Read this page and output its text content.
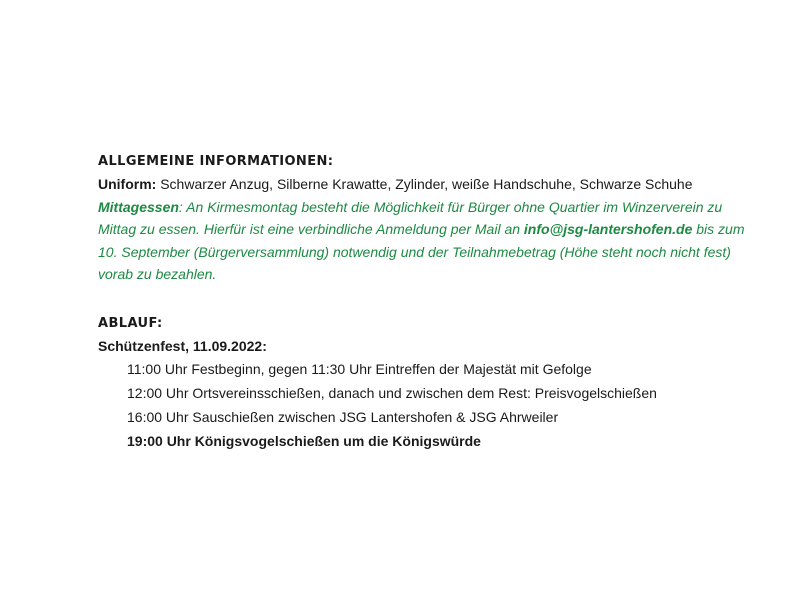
ALLGEMEINE INFORMATIONEN:
Uniform: Schwarzer Anzug, Silberne Krawatte, Zylinder, weiße Handschuhe, Schwarze Schuhe
Mittagessen: An Kirmesmontag besteht die Möglichkeit für Bürger ohne Quartier im Winzerverein zu
Mittag zu essen. Hierfür ist eine verbindliche Anmeldung per Mail an info@jsg-lantershofen.de bis zum
10. September (Bürgerversammlung) notwendig und der Teilnahmebetrag (Höhe steht noch nicht fest)
vorab zu bezahlen.
ABLAUF:
Schützenfest, 11.09.2022:
11:00 Uhr Festbeginn, gegen 11:30 Uhr Eintreffen der Majestät mit Gefolge
12:00 Uhr Ortsvereinsschießen, danach und zwischen dem Rest: Preisvogelschießen
16:00 Uhr Sauschießen zwischen JSG Lantershofen & JSG Ahrweiler
19:00 Uhr Königsvogelschießen um die Königswürde
